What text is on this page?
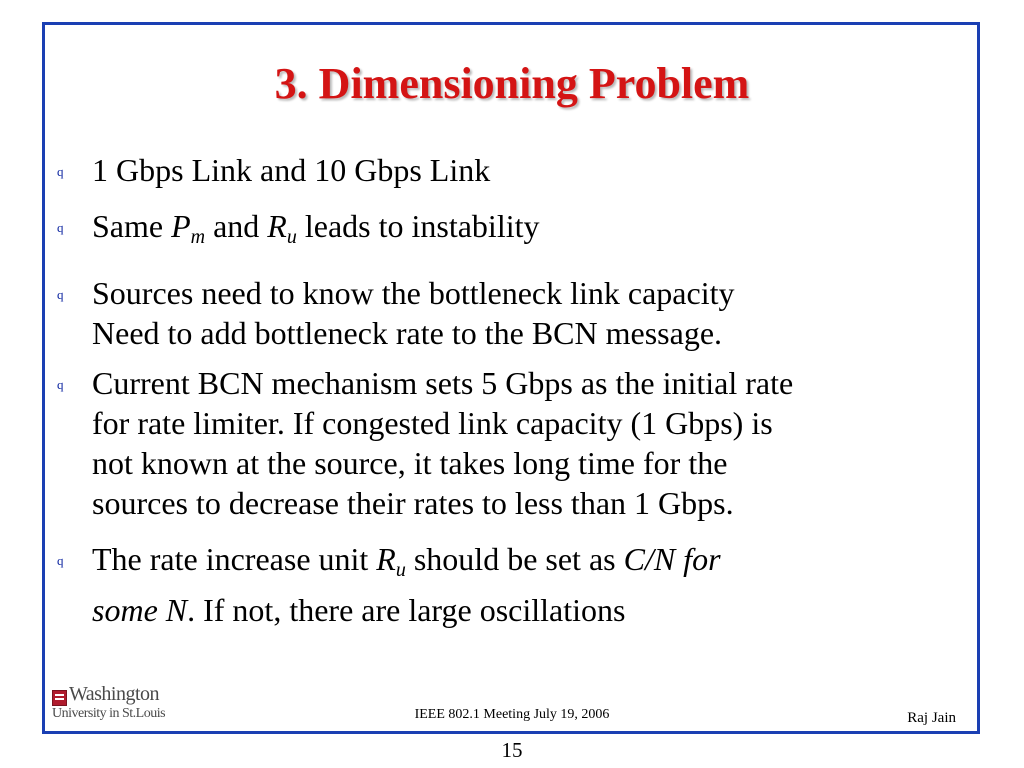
3. Dimensioning Problem
q 1 Gbps Link and 10 Gbps Link
q Same $P_m$ and $R_u$ leads to instability
q Sources need to know the bottleneck link capacity
Need to add bottleneck rate to the BCN message.
q Current BCN mechanism sets 5 Gbps as the initial rate
for rate limiter. If congested link capacity (1 Gbps) is
not known at the source, it takes long time for the
sources to decrease their rates to less than 1 Gbps.
q The rate increase unit $R_u$ should be set as C/N for
some N. If not, there are large oscillations
Washington
University in St.Louis	IEEE 802.1 Meeting July 19, 2006	Raj Jain
15
